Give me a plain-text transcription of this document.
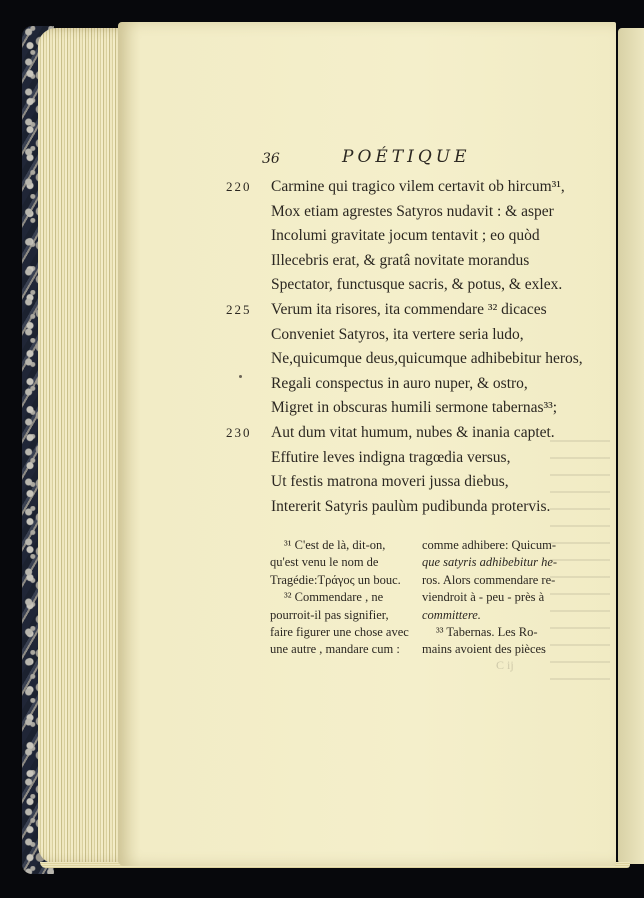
36	POÉTIQUE
220	Carmine qui tragico vilem certavit ob hircum³¹,
Mox etiam agrestes Satyros nudavit : & asper
Incolumi gravitate jocum tentavit ; eo quòd
Illecebris erat, & gratâ novitate morandus
Spectator, functusque sacris, & potus, & exlex.
225	Verum ita risores, ita commendare ³² dicaces
Conveniet Satyros, ita vertere seria ludo,
Ne,quicumque deus,quicumque adhibebitur heros,
Regali conspectus in auro nuper, & ostro,
Migret in obscuras humili sermone tabernas³³;
230	Aut dum vitat humum, nubes & inania captet.
Effutire leves indigna tragœdia versus,
Ut festis matrona moveri jussa diebus,
Intererit Satyris paulùm pudibunda protervis.
³¹ C'est de là, dit-on,
qu'est venu le nom de
Tragédie:Τράγος un bouc.
³² Commendare , ne
pourroit-il pas signifier,
faire figurer une chose avec
une autre , mandare cum :
comme adhibere: Quicum-
que satyris adhibebitur he-
ros. Alors commendare re-
viendroit à - peu - près à
committere.
³³ Tabernas. Les Ro-
mains avoient des pièces
C ij
